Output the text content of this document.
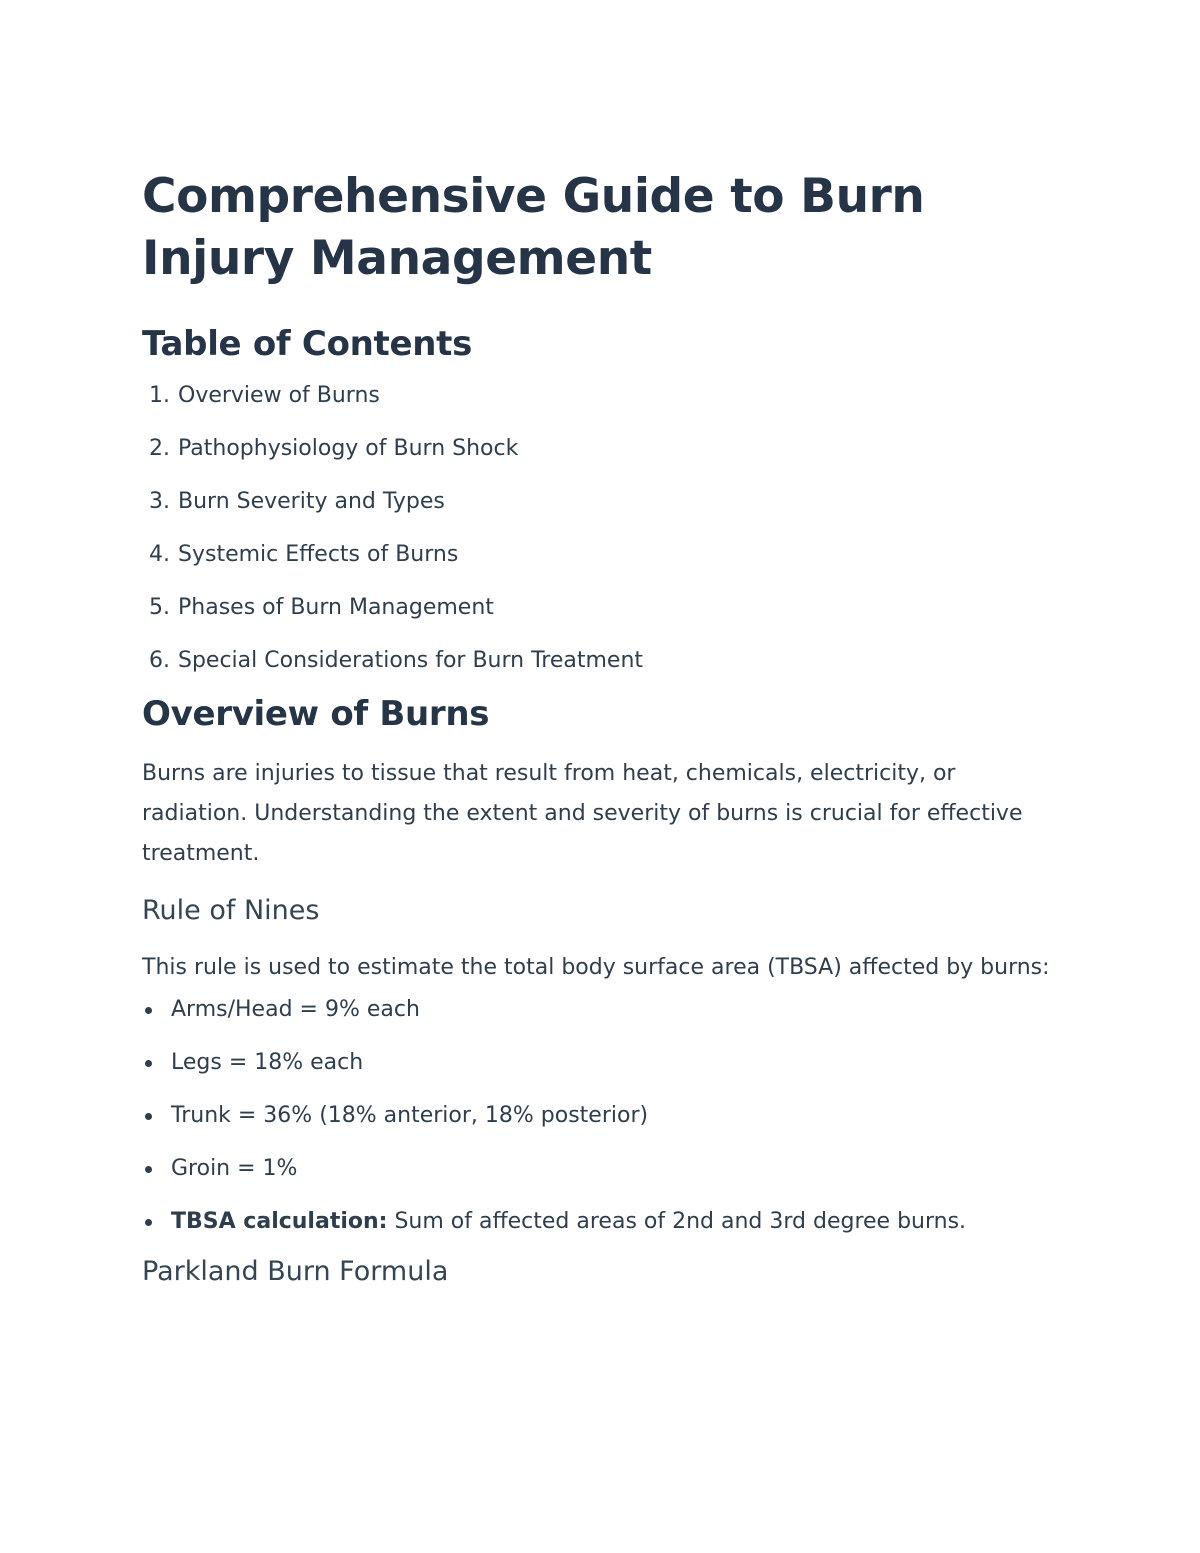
Comprehensive Guide to Burn Injury Management
Table of Contents
1.
Overview of Burns
2.
Pathophysiology of Burn Shock
3.
Burn Severity and Types
4.
Systemic Effects of Burns
5.
Phases of Burn Management
6.
Special Considerations for Burn Treatment
Overview of Burns

Burns are injuries to tissue that result from heat, chemicals, electricity, or radiation. Understanding the extent and severity of burns is crucial for effective treatment.

Rule of Nines

This rule is used to estimate the total body surface area (TBSA) affected by burns:

Arms/Head = 9% each
Legs = 18% each
Trunk = 36% (18% anterior, 18% posterior)
Groin = 1%
TBSA calculation: Sum of affected areas of 2nd and 3rd degree burns.
Parkland Burn Formula
